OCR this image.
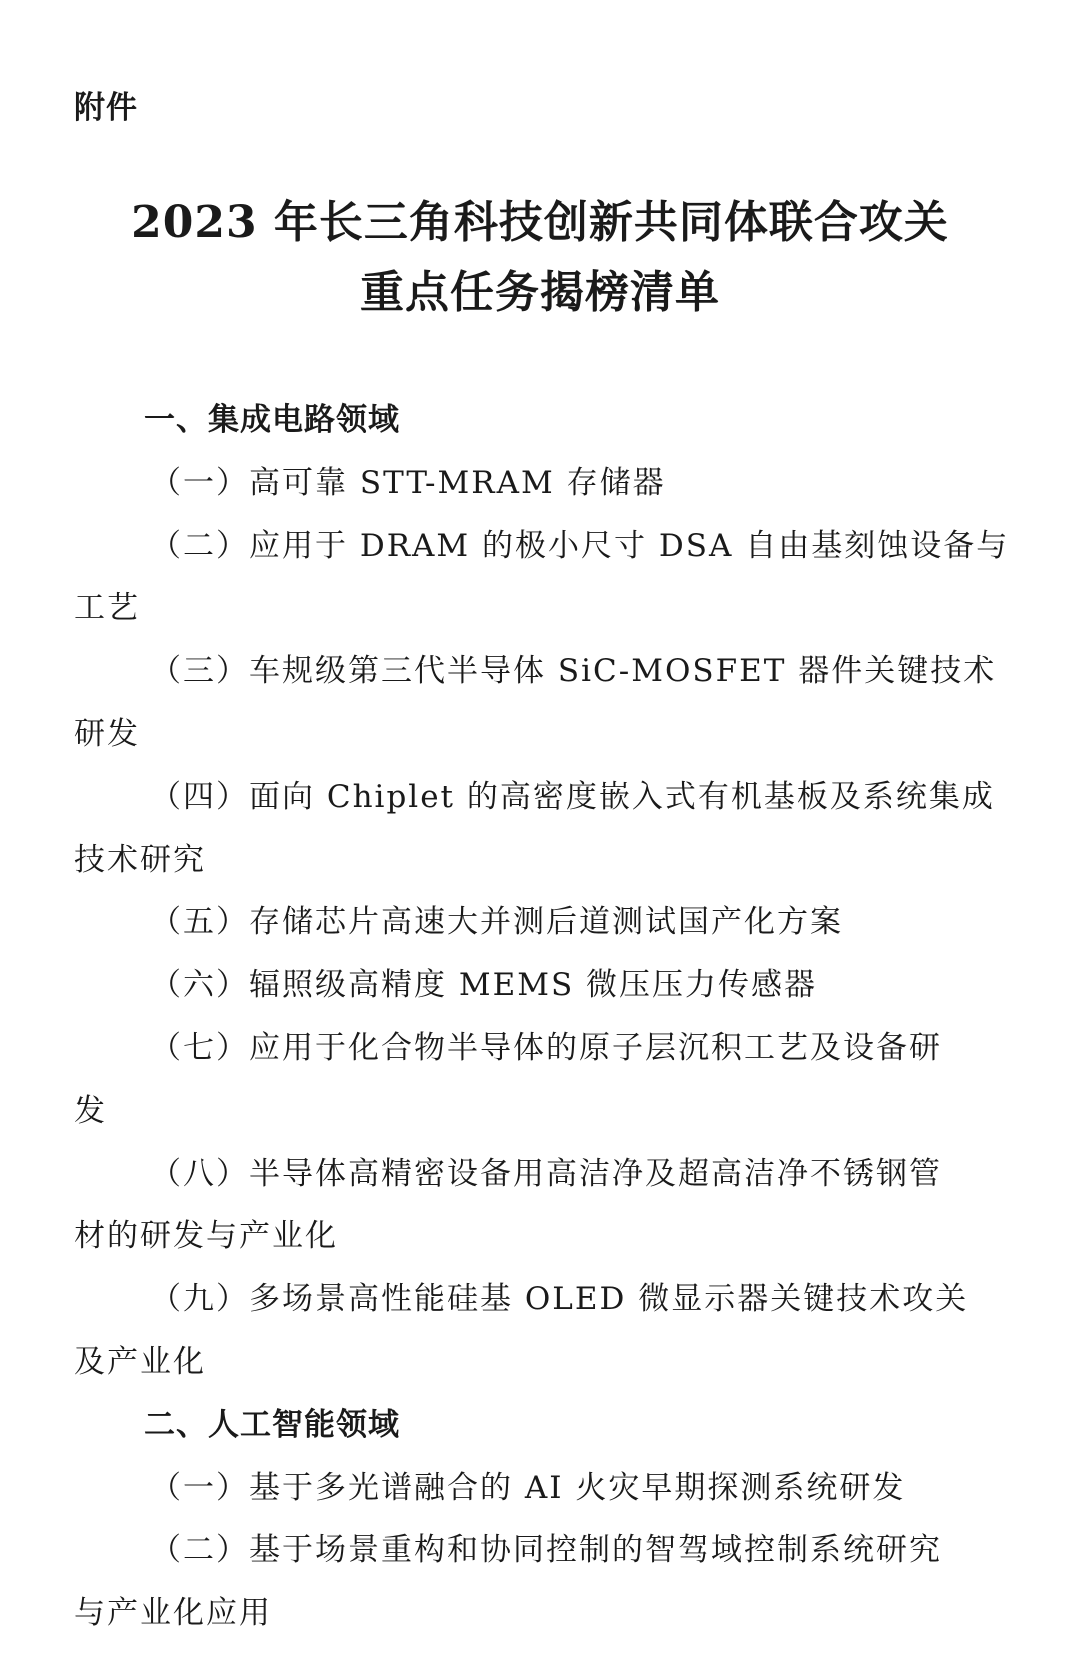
附件
2023 年长三角科技创新共同体联合攻关
重点任务揭榜清单
一、集成电路领域
（一）高可靠 STT-MRAM 存储器
（二）应用于 DRAM 的极小尺寸 DSA 自由基刻蚀设备与
工艺
（三）车规级第三代半导体 SiC-MOSFET 器件关键技术
研发
（四）面向 Chiplet 的高密度嵌入式有机基板及系统集成
技术研究
（五）存储芯片高速大并测后道测试国产化方案
（六）辐照级高精度 MEMS 微压压力传感器
（七）应用于化合物半导体的原子层沉积工艺及设备研
发
（八）半导体高精密设备用高洁净及超高洁净不锈钢管
材的研发与产业化
（九）多场景高性能硅基 OLED 微显示器关键技术攻关
及产业化
二、人工智能领域
（一）基于多光谱融合的 AI 火灾早期探测系统研发
（二）基于场景重构和协同控制的智驾域控制系统研究
与产业化应用
